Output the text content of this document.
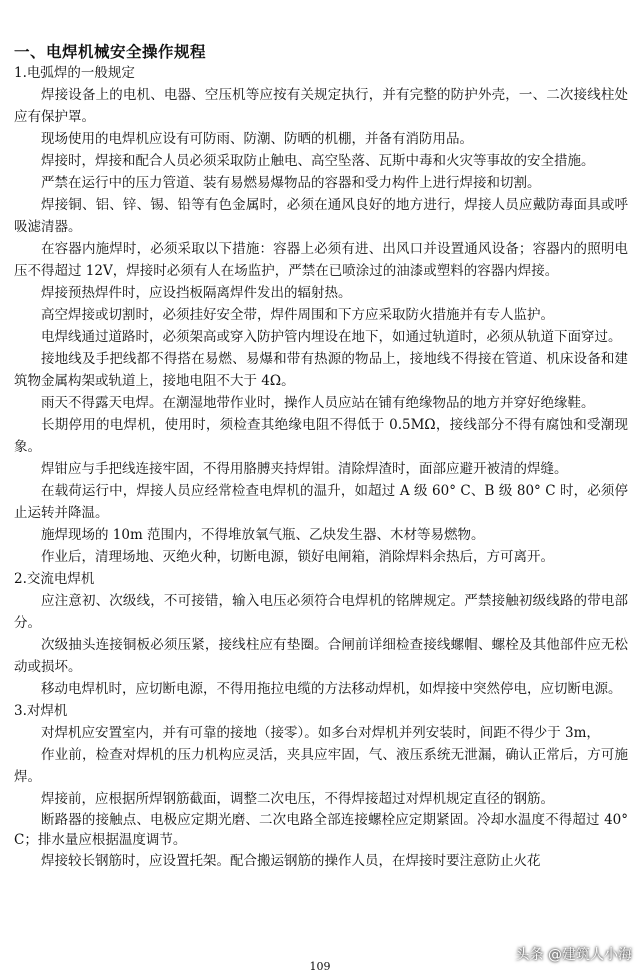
一、电焊机械安全操作规程
1.电弧焊的一般规定

焊接设备上的电机、电器、空压机等应按有关规定执行，并有完整的防护外壳，一、二次接线柱处应有保护罩。

现场使用的电焊机应设有可防雨、防潮、防晒的机棚，并备有消防用品。

焊接时，焊接和配合人员必须采取防止触电、高空坠落、瓦斯中毒和火灾等事故的安全措施。

严禁在运行中的压力管道、装有易燃易爆物品的容器和受力构件上进行焊接和切割。

焊接铜、铝、锌、锡、铅等有色金属时，必须在通风良好的地方进行，焊接人员应戴防毒面具或呼吸滤清器。

在容器内施焊时，必须采取以下措施：容器上必须有进、出风口并设置通风设备；容器内的照明电压不得超过 12V，焊接时必须有人在场监护，严禁在已喷涂过的油漆或塑料的容器内焊接。

焊接预热焊件时，应设挡板隔离焊件发出的辐射热。

高空焊接或切割时，必须挂好安全带，焊件周围和下方应采取防火措施并有专人监护。

电焊线通过道路时，必须架高或穿入防护管内埋设在地下，如通过轨道时，必须从轨道下面穿过。

接地线及手把线都不得搭在易燃、易爆和带有热源的物品上，接地线不得接在管道、机床设备和建筑物金属构架或轨道上，接地电阻不大于 4Ω。

雨天不得露天电焊。在潮湿地带作业时，操作人员应站在铺有绝缘物品的地方并穿好绝缘鞋。

长期停用的电焊机，使用时，须检查其绝缘电阻不得低于 0.5MΩ，接线部分不得有腐蚀和受潮现象。

焊钳应与手把线连接牢固，不得用胳膊夹持焊钳。清除焊渣时，面部应避开被清的焊缝。

在载荷运行中，焊接人员应经常检查电焊机的温升，如超过 A 级 60° C、B 级 80° C 时，必须停止运转并降温。

施焊现场的 10m 范围内，不得堆放氧气瓶、乙炔发生器、木材等易燃物。

作业后，清理场地、灭绝火种，切断电源，锁好电闸箱，消除焊料余热后，方可离开。

2.交流电焊机

应注意初、次级线，不可接错，输入电压必须符合电焊机的铭牌规定。严禁接触初级线路的带电部分。

次级抽头连接铜板必须压紧，接线柱应有垫圈。合闸前详细检查接线螺帽、螺栓及其他部件应无松动或损坏。

移动电焊机时，应切断电源，不得用拖拉电缆的方法移动焊机，如焊接中突然停电，应切断电源。

3.对焊机

对焊机应安置室内，并有可靠的接地（接零）。如多台对焊机并列安装时，间距不得少于 3m，

作业前，检查对焊机的压力机构应灵活，夹具应牢固，气、液压系统无泄漏，确认正常后，方可施焊。

焊接前，应根据所焊钢筋截面，调整二次电压，不得焊接超过对焊机规定直径的钢筋。

断路器的接触点、电极应定期光磨、二次电路全部连接螺栓应定期紧固。冷却水温度不得超过 40° C；排水量应根据温度调节。

焊接较长钢筋时，应设置托架。配合搬运钢筋的操作人员，在焊接时要注意防止火花

109
头条 @建筑人小海
